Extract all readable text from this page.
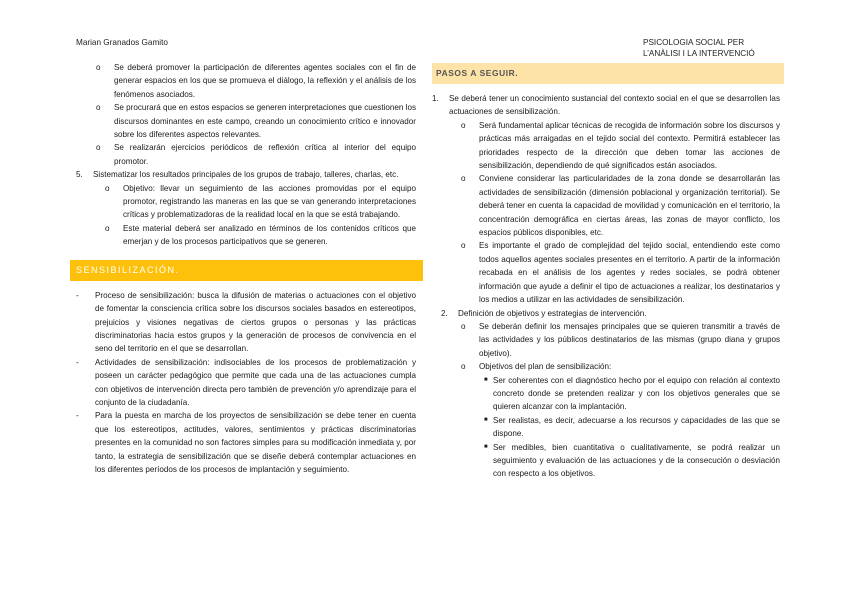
Marian Granados Gamito	PSICOLOGIA SOCIAL PER
L’ANÀLISI I LA INTERVENCIÓ
o Se deberá promover la participación de diferentes agentes sociales con el fin de generar espacios en los que se promueva el diálogo, la reflexión y el análisis de los fenómenos asociados.
o Se procurará que en estos espacios se generen interpretaciones que cuestionen los discursos dominantes en este campo, creando un conocimiento crítico e innovador sobre los diferentes aspectos relevantes.
o Se realizarán ejercicios periódicos de reflexión crítica al interior del equipo promotor.
5. Sistematizar los resultados principales de los grupos de trabajo, talleres, charlas, etc.
o Objetivo: llevar un seguimiento de las acciones promovidas por el equipo promotor, registrando las maneras en las que se van generando interpretaciones críticas y problematizadoras de la realidad local en la que se está trabajando.
o Este material deberá ser analizado en términos de los contenidos críticos que emerjan y de los procesos participativos que se generen.
SENSIBILIZACIÓN.
- Proceso de sensibilización: busca la difusión de materias o actuaciones con el objetivo de fomentar la consciencia crítica sobre los discursos sociales basados en estereotipos, prejuicios y visiones negativas de ciertos grupos o personas y las prácticas discriminatorias hacia estos grupos y la generación de procesos de convivencia en el seno del territorio en el que se desarrollan.
- Actividades de sensibilización: indisociables de los procesos de problematización y poseen un carácter pedagógico que permite que cada una de las actuaciones cumpla con objetivos de intervención directa pero también de prevención y/o aprendizaje para el conjunto de la ciudadanía.
- Para la puesta en marcha de los proyectos de sensibilización se debe tener en cuenta que los estereotipos, actitudes, valores, sentimientos y prácticas discriminatorias presentes en la comunidad no son factores simples para su modificación inmediata y, por tanto, la estrategia de sensibilización que se diseñe deberá contemplar actuaciones en los diferentes períodos de los procesos de implantación y seguimiento.
PASOS A SEGUIR.
1. Se deberá tener un conocimiento sustancial del contexto social en el que se desarrollen las actuaciones de sensibilización.
o Será fundamental aplicar técnicas de recogida de información sobre los discursos y prácticas más arraigadas en el tejido social del contexto. Permitirá establecer las prioridades respecto de la dirección que deben tomar las acciones de sensibilización, dependiendo de qué significados están asociados.
o Conviene considerar las particularidades de la zona donde se desarrollarán las actividades de sensibilización (dimensión poblacional y organización territorial). Se deberá tener en cuenta la capacidad de movilidad y comunicación en el territorio, la concentración demográfica en ciertas áreas, las zonas de mayor conflicto, los espacios públicos disponibles, etc.
o Es importante el grado de complejidad del tejido social, entendiendo este como todos aquellos agentes sociales presentes en el territorio. A partir de la información recabada en el análisis de los agentes y redes sociales, se podrá obtener información que ayude a definir el tipo de actuaciones a realizar, los destinatarios y los medios a utilizar en las actividades de sensibilización.
2. Definición de objetivos y estrategias de intervención.
o Se deberán definir los mensajes principales que se quieren transmitir a través de las actividades y los públicos destinatarios de las mismas (grupo diana y grupos objetivo).
o Objetivos del plan de sensibilización:
■ Ser coherentes con el diagnóstico hecho por el equipo con relación al contexto concreto donde se pretenden realizar y con los objetivos generales que se quieren alcanzar con la implantación.
■ Ser realistas, es decir, adecuarse a los recursos y capacidades de las que se dispone.
■ Ser medibles, bien cuantitativa o cualitativamente, se podrá realizar un seguimiento y evaluación de las actuaciones y de la consecución o desviación con respecto a los objetivos.
